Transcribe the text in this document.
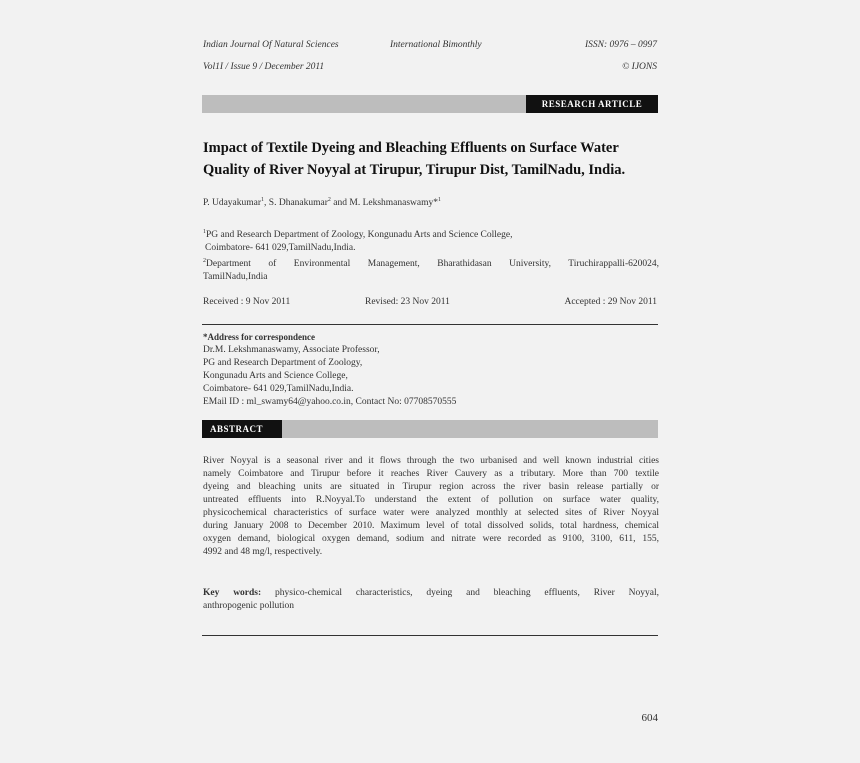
Indian Journal Of Natural Sciences	International Bimonthly	ISSN: 0976 – 0997
Vol1I / Issue 9 / December 2011	© IJONS
RESEARCH ARTICLE
Impact of Textile Dyeing and Bleaching Effluents on Surface Water
Quality of River Noyyal at Tirupur, Tirupur Dist, TamilNadu, India.
P. Udayakumar$^1$, S. Dhanakumar$^2$ and M. Lekshmanaswamy*$^1$
$^1$PG and Research Department of Zoology, Kongunadu Arts and Science College,
Coimbatore- 641 029,TamilNadu,India.
$^2$Department of Environmental Management, Bharathidasan University, Tiruchirappalli-620024,
TamilNadu,India
Received : 9 Nov 2011	Revised: 23 Nov 2011	Accepted : 29 Nov 2011
*Address for correspondence
Dr.M. Lekshmanaswamy, Associate Professor,
PG and Research Department of Zoology,
Kongunadu Arts and Science College,
Coimbatore- 641 029,TamilNadu,India.
EMail ID : ml_swamy64@yahoo.co.in, Contact No: 07708570555
ABSTRACT
River Noyyal is a seasonal river and it flows through the two urbanised and well known industrial cities
namely Coimbatore and Tirupur before it reaches River Cauvery as a tributary. More than 700 textile
dyeing and bleaching units are situated in Tirupur region across the river basin release partially or
untreated effluents into R.Noyyal.To understand the extent of pollution on surface water quality,
physicochemical characteristics of surface water were analyzed monthly at selected sites of River Noyyal
during January 2008 to December 2010. Maximum level of total dissolved solids, total hardness, chemical
oxygen demand, biological oxygen demand, sodium and nitrate were recorded as 9100, 3100, 611, 155,
4992 and 48 mg/l, respectively.
Key words: physico-chemical characteristics, dyeing and bleaching effluents, River Noyyal,
anthropogenic pollution
604
